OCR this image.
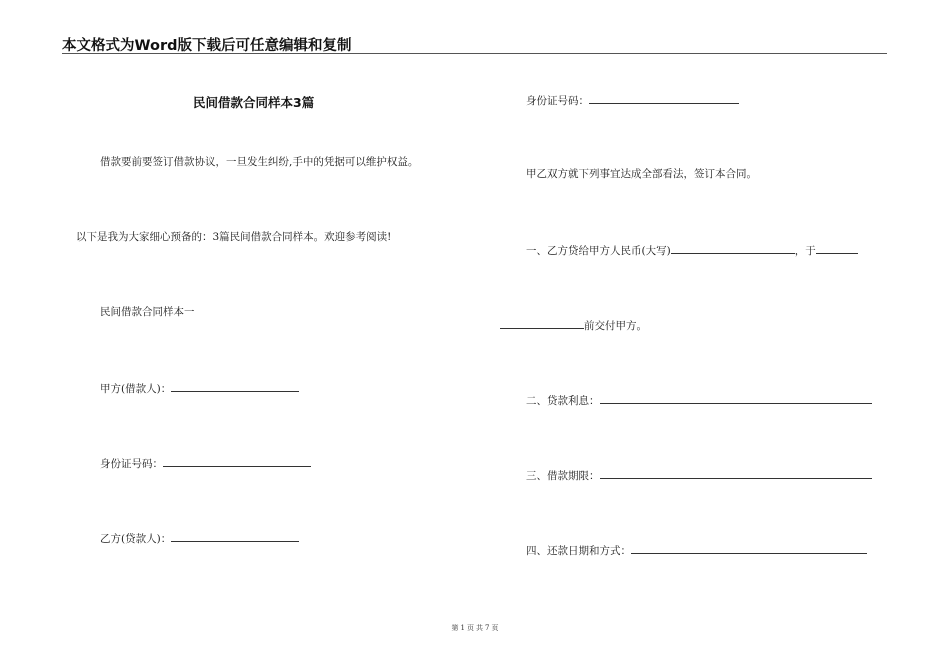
本文格式为Word版下载后可任意编辑和复制
民间借款合同样本3篇
借款要前要签订借款协议，一旦发生纠纷,手中的凭据可以维护权益。
以下是我为大家细心预备的：3篇民间借款合同样本。欢迎参考阅读!
民间借款合同样本一
甲方(借款人)：
身份证号码：
乙方(贷款人)：
身份证号码：
甲乙双方就下列事宜达成全部看法，签订本合同。
一、乙方贷给甲方人民币(大写)	，于
前交付甲方。
二、贷款利息：
三、借款期限：
四、还款日期和方式：
第 1 页 共 7 页
